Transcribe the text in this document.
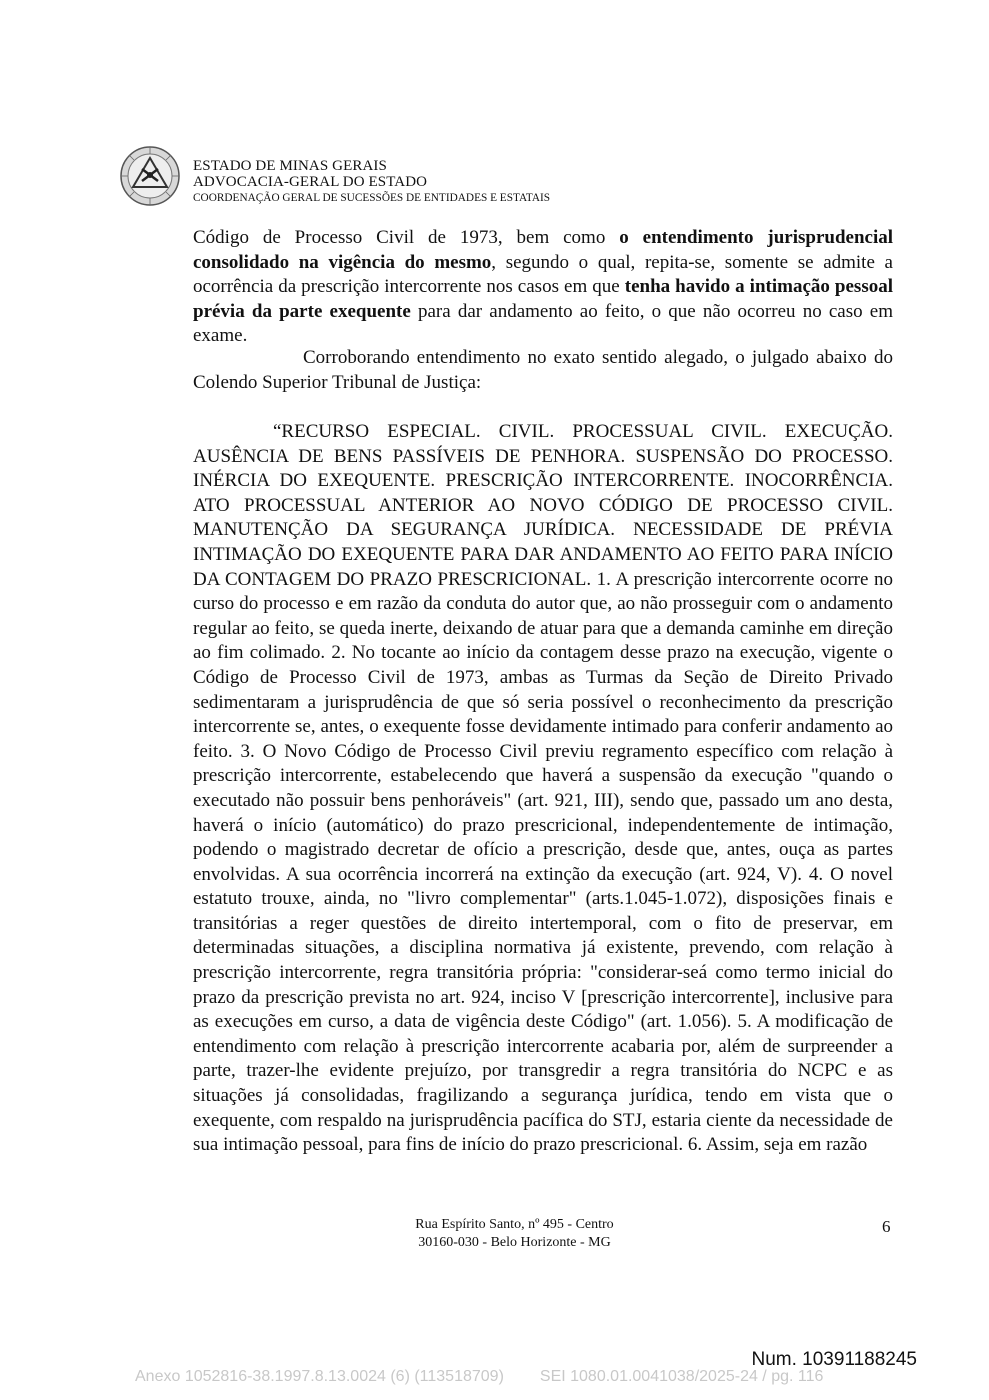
ESTADO DE MINAS GERAIS
ADVOCACIA-GERAL DO ESTADO
COORDENAÇÃO GERAL DE SUCESSÕES DE ENTIDADES E ESTATAIS
Código de Processo Civil de 1973, bem como o entendimento jurisprudencial consolidado na vigência do mesmo, segundo o qual, repita-se, somente se admite a ocorrência da prescrição intercorrente nos casos em que tenha havido a intimação pessoal prévia da parte exequente para dar andamento ao feito, o que não ocorreu no caso em exame.
Corroborando entendimento no exato sentido alegado, o julgado abaixo do Colendo Superior Tribunal de Justiça:
“RECURSO ESPECIAL. CIVIL. PROCESSUAL CIVIL. EXECUÇÃO. AUSÊNCIA DE BENS PASSÍVEIS DE PENHORA. SUSPENSÃO DO PROCESSO. INÉRCIA DO EXEQUENTE. PRESCRIÇÃO INTERCORRENTE. INOCORRÊNCIA. ATO PROCESSUAL ANTERIOR AO NOVO CÓDIGO DE PROCESSO CIVIL. MANUTENÇÃO DA SEGURANÇA JURÍDICA. NECESSIDADE DE PRÉVIA INTIMAÇÃO DO EXEQUENTE PARA DAR ANDAMENTO AO FEITO PARA INÍCIO DA CONTAGEM DO PRAZO PRESCRICIONAL. 1. A prescrição intercorrente ocorre no curso do processo e em razão da conduta do autor que, ao não prosseguir com o andamento regular ao feito, se queda inerte, deixando de atuar para que a demanda caminhe em direção ao fim colimado. 2. No tocante ao início da contagem desse prazo na execução, vigente o Código de Processo Civil de 1973, ambas as Turmas da Seção de Direito Privado sedimentaram a jurisprudência de que só seria possível o reconhecimento da prescrição intercorrente se, antes, o exequente fosse devidamente intimado para conferir andamento ao feito. 3. O Novo Código de Processo Civil previu regramento específico com relação à prescrição intercorrente, estabelecendo que haverá a suspensão da execução "quando o executado não possuir bens penhoráveis" (art. 921, III), sendo que, passado um ano desta, haverá o início (automático) do prazo prescricional, independentemente de intimação, podendo o magistrado decretar de ofício a prescrição, desde que, antes, ouça as partes envolvidas. A sua ocorrência incorrerá na extinção da execução (art. 924, V). 4. O novel estatuto trouxe, ainda, no "livro complementar" (arts.1.045-1.072), disposições finais e transitórias a reger questões de direito intertemporal, com o fito de preservar, em determinadas situações, a disciplina normativa já existente, prevendo, com relação à prescrição intercorrente, regra transitória própria: "considerar-seá como termo inicial do prazo da prescrição prevista no art. 924, inciso V [prescrição intercorrente], inclusive para as execuções em curso, a data de vigência deste Código" (art. 1.056). 5. A modificação de entendimento com relação à prescrição intercorrente acabaria por, além de surpreender a parte, trazer-lhe evidente prejuízo, por transgredir a regra transitória do NCPC e as situações já consolidadas, fragilizando a segurança jurídica, tendo em vista que o exequente, com respaldo na jurisprudência pacífica do STJ, estaria ciente da necessidade de sua intimação pessoal, para fins de início do prazo prescricional. 6. Assim, seja em razão
Rua Espírito Santo, nº 495 - Centro
30160-030 - Belo Horizonte - MG
6
Num. 10391188245
Anexo 1052816-38.1997.8.13.0024 (6) (113518709) SEI 1080.01.0041038/2025-24 / pg. 116
